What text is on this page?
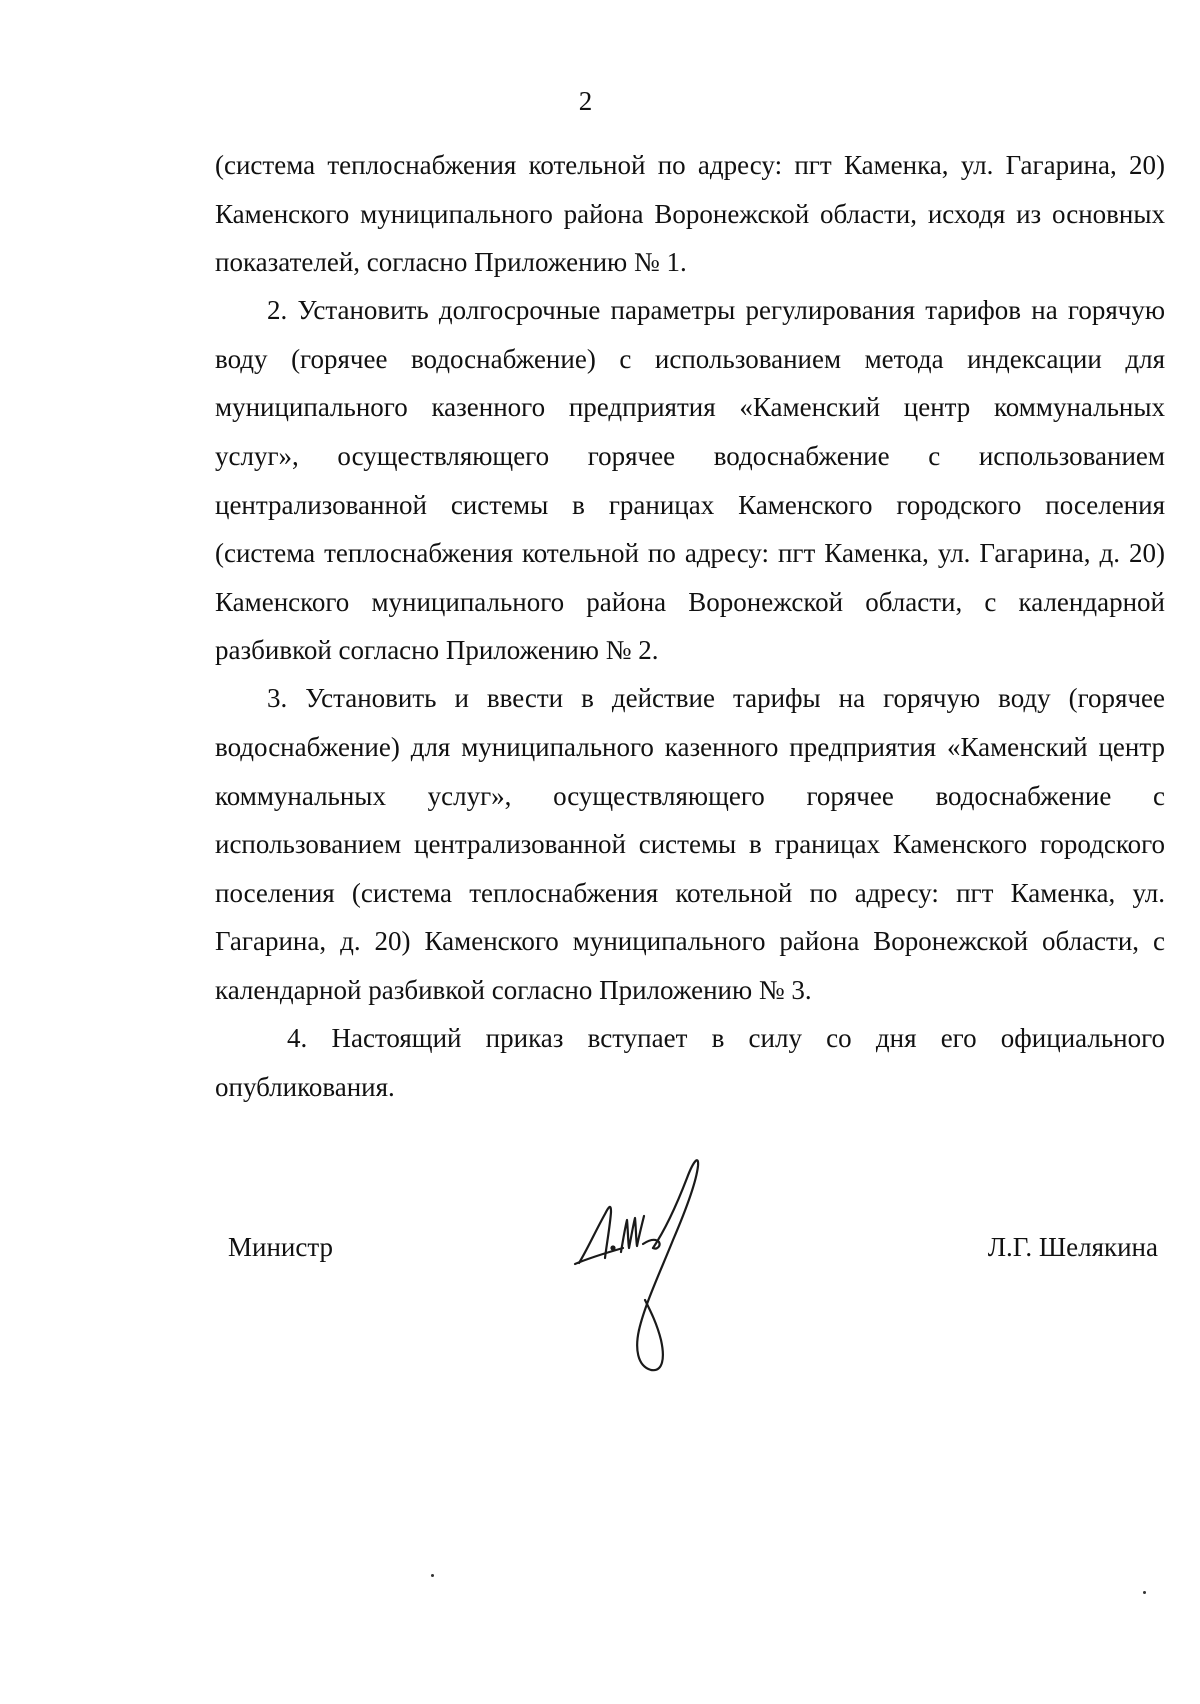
2

(система теплоснабжения котельной по адресу: пгт Каменка, ул. Гагарина, 20) Каменского муниципального района Воронежской области, исходя из основных показателей, согласно Приложению № 1.

2. Установить долгосрочные параметры регулирования тарифов на горячую воду (горячее водоснабжение) с использованием метода индексации для муниципального казенного предприятия «Каменский центр коммунальных услуг», осуществляющего горячее водоснабжение с использованием централизованной системы в границах Каменского городского поселения (система теплоснабжения котельной по адресу: пгт Каменка, ул. Гагарина, д. 20) Каменского муниципального района Воронежской области, с календарной разбивкой согласно Приложению № 2.

3. Установить и ввести в действие тарифы на горячую воду (горячее водоснабжение) для муниципального казенного предприятия «Каменский центр коммунальных услуг», осуществляющего горячее водоснабжение с использованием централизованной системы в границах Каменского городского поселения (система теплоснабжения котельной по адресу: пгт Каменка, ул. Гагарина, д. 20) Каменского муниципального района Воронежской области, с календарной разбивкой согласно Приложению № 3.

4. Настоящий приказ вступает в силу со дня его официального опубликования.

Министр	Л.Г. Шелякина
